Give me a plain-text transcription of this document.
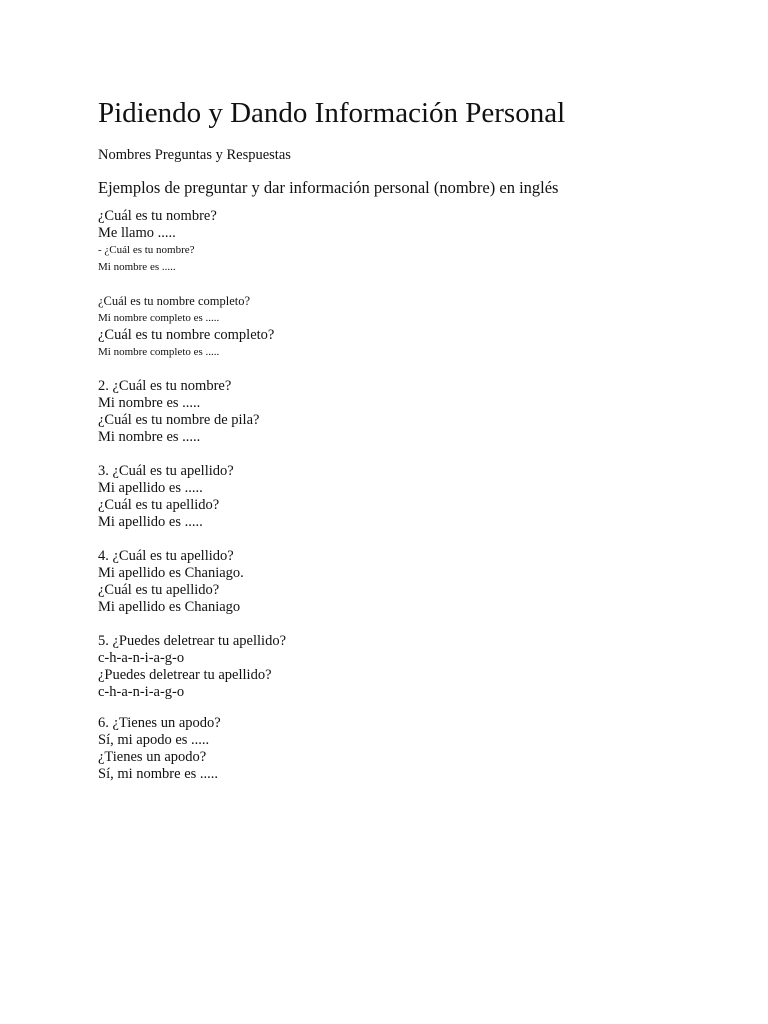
Pidiendo y Dando Información Personal
Nombres Preguntas y Respuestas
Ejemplos de preguntar y dar información personal (nombre) en inglés
¿Cuál es tu nombre?
Me llamo .....
- ¿Cuál es tu nombre?
Mi nombre es .....
¿Cuál es tu nombre completo?
Mi nombre completo es .....
¿Cuál es tu nombre completo?
Mi nombre completo es .....
2. ¿Cuál es tu nombre?
Mi nombre es .....
¿Cuál es tu nombre de pila?
Mi nombre es .....
3. ¿Cuál es tu apellido?
Mi apellido es .....
¿Cuál es tu apellido?
Mi apellido es .....
4. ¿Cuál es tu apellido?
Mi apellido es Chaniago.
¿Cuál es tu apellido?
Mi apellido es Chaniago
5. ¿Puedes deletrear tu apellido?
c-h-a-n-i-a-g-o
¿Puedes deletrear tu apellido?
c-h-a-n-i-a-g-o
6. ¿Tienes un apodo?
Sí, mi apodo es .....
¿Tienes un apodo?
Sí, mi nombre es .....
